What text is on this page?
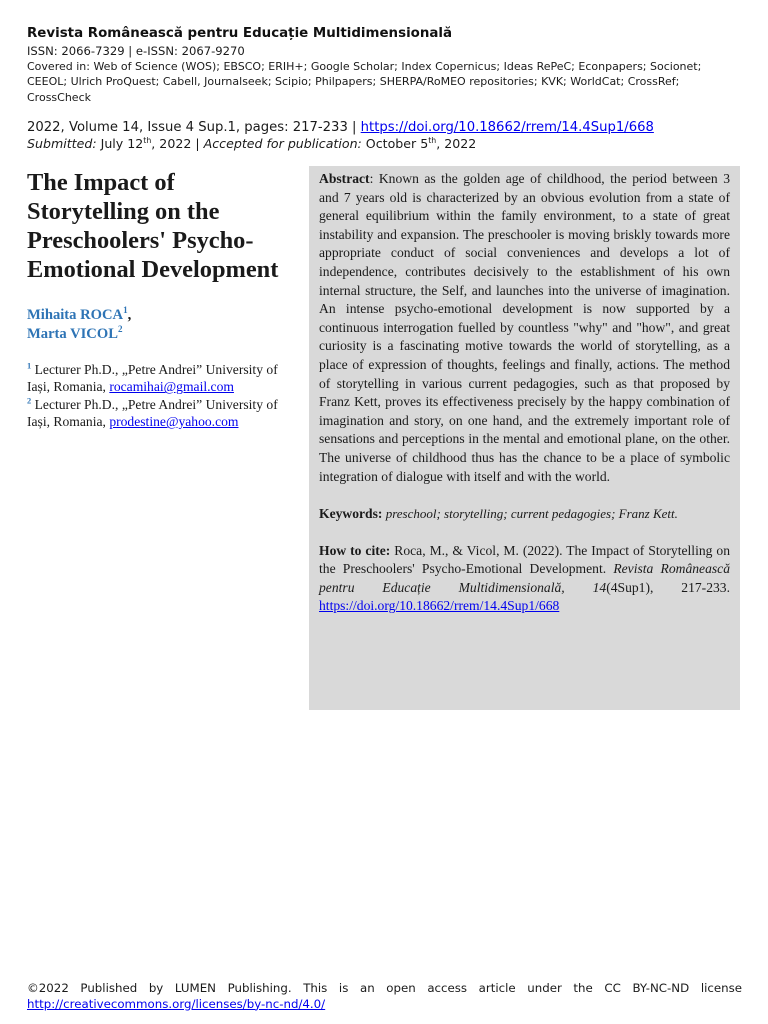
Revista Românească pentru Educație Multidimensională
ISSN: 2066-7329 | e-ISSN: 2067-9270
Covered in: Web of Science (WOS); EBSCO; ERIH+; Google Scholar; Index Copernicus; Ideas RePeC; Econpapers; Socionet; CEEOL; Ulrich ProQuest; Cabell, Journalseek; Scipio; Philpapers; SHERPA/RoMEO repositories; KVK; WorldCat; CrossRef; CrossCheck
2022, Volume 14, Issue 4 Sup.1, pages: 217-233 | https://doi.org/10.18662/rrem/14.4Sup1/668
Submitted: July 12th, 2022 | Accepted for publication: October 5th, 2022
The Impact of Storytelling on the Preschoolers' Psycho-Emotional Development
Mihaita ROCA$^1$,
Marta VICOL$^2$
$^1$ Lecturer Ph.D., „Petre Andrei” University of Iași, Romania, rocamihai@gmail.com
$^2$ Lecturer Ph.D., „Petre Andrei” University of Iași, Romania, prodestine@yahoo.com

Abstract: Known as the golden age of childhood, the period between 3 and 7 years old is characterized by an obvious evolution from a state of general equilibrium within the family environment, to a state of great instability and expansion. The preschooler is moving briskly towards more appropriate conduct of social conveniences and develops a lot of independence, contributes decisively to the establishment of his own internal structure, the Self, and launches into the universe of imagination. An intense psycho-emotional development is now supported by a continuous interrogation fuelled by countless "why" and "how", and great curiosity is a fascinating motive towards the world of storytelling, as a place of expression of thoughts, feelings and finally, actions. The method of storytelling in various current pedagogies, such as that proposed by Franz Kett, proves its effectiveness precisely by the happy combination of imagination and story, on one hand, and the extremely important role of sensations and perceptions in the mental and emotional plane, on the other. The universe of childhood thus has the chance to be a place of symbolic integration of dialogue with itself and with the world.

Keywords: preschool; storytelling; current pedagogies; Franz Kett.

How to cite: Roca, M., & Vicol, M. (2022). The Impact of Storytelling on the Preschoolers' Psycho-Emotional Development. Revista Românească pentru Educație Multidimensională, 14(4Sup1), 217-233. https://doi.org/10.18662/rrem/14.4Sup1/668

©2022 Published by LUMEN Publishing. This is an open access article under the CC BY-NC-ND license
http://creativecommons.org/licenses/by-nc-nd/4.0/
